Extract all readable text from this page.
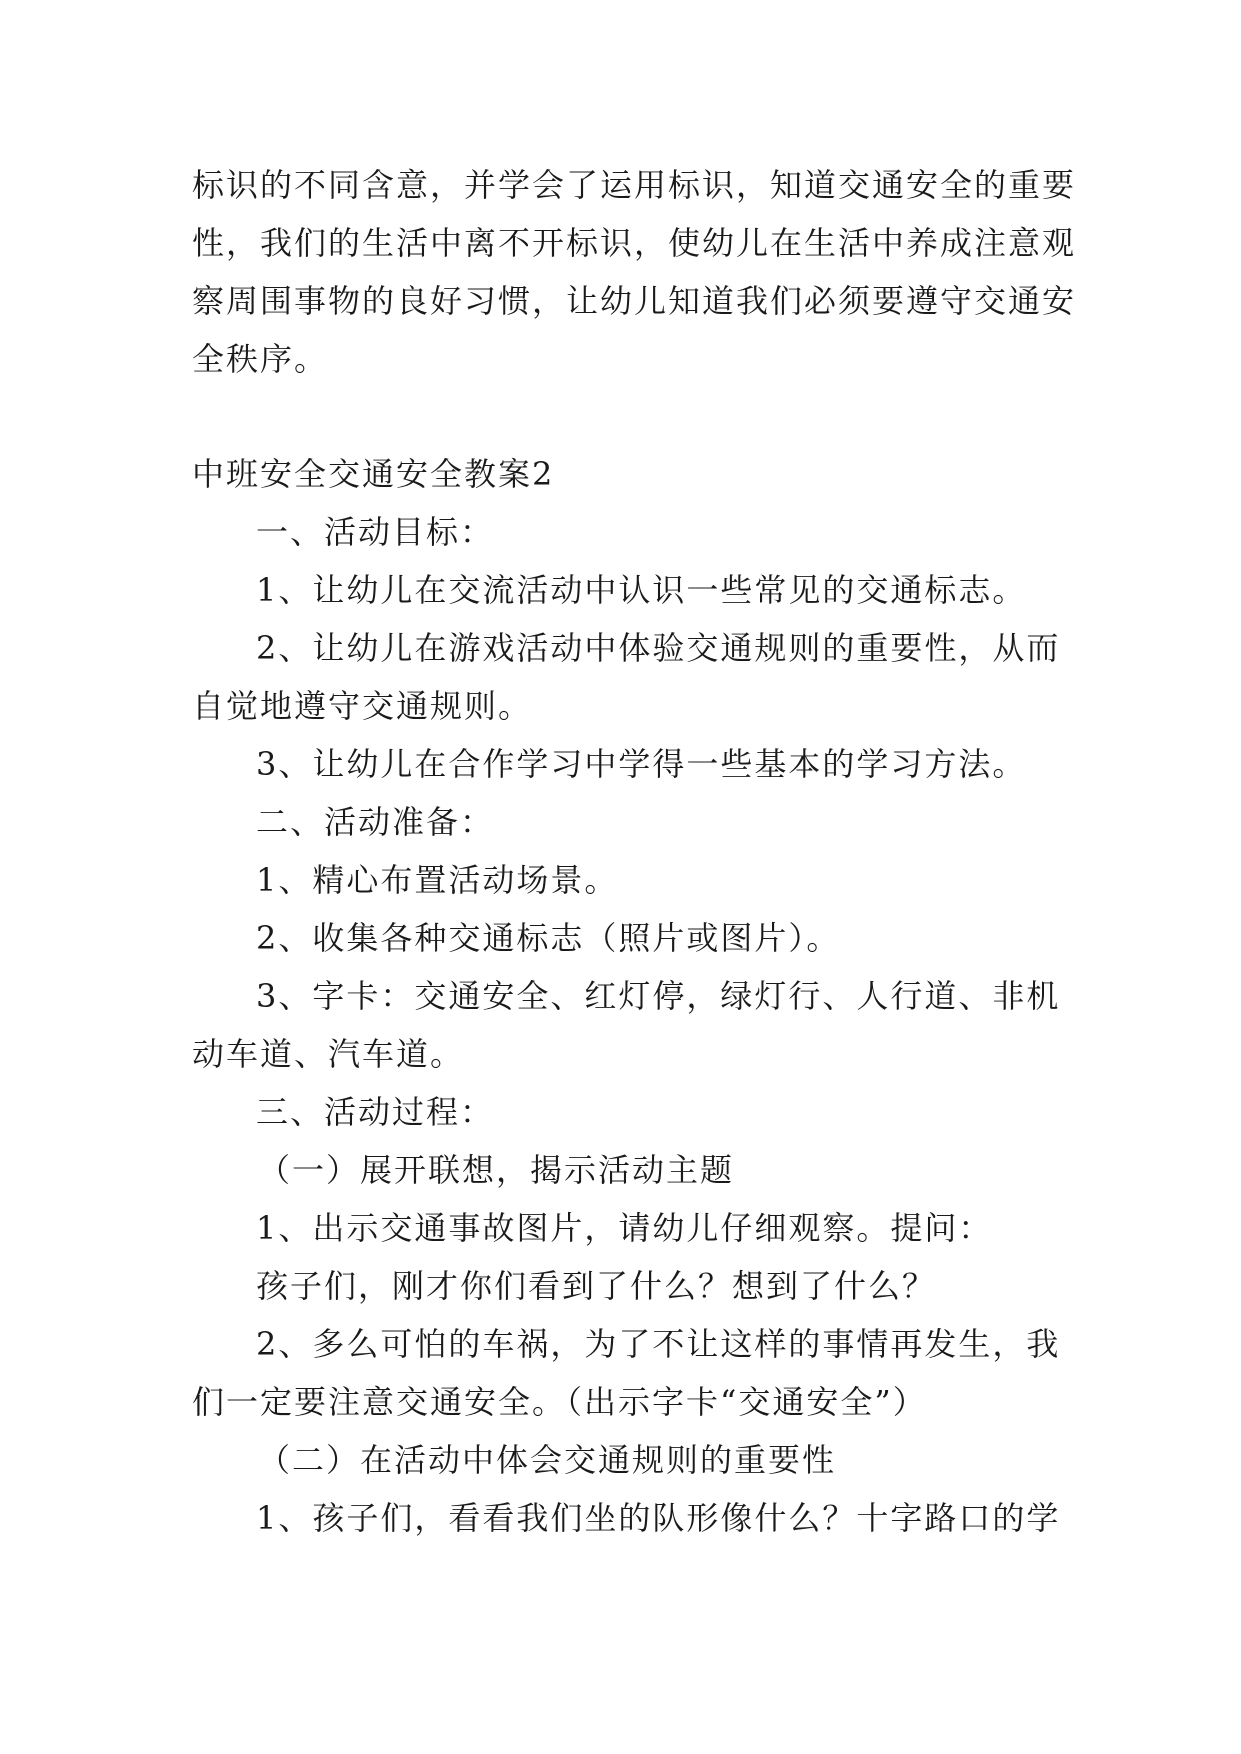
标识的不同含意，并学会了运用标识，知道交通安全的重要
性，我们的生活中离不开标识，使幼儿在生活中养成注意观
察周围事物的良好习惯，让幼儿知道我们必须要遵守交通安
全秩序。
中班安全交通安全教案2
一、活动目标：
1、让幼儿在交流活动中认识一些常见的交通标志。
2、让幼儿在游戏活动中体验交通规则的重要性，从而
自觉地遵守交通规则。
3、让幼儿在合作学习中学得一些基本的学习方法。
二、活动准备：
1、精心布置活动场景。
2、收集各种交通标志（照片或图片）。
3、字卡：交通安全、红灯停，绿灯行、人行道、非机
动车道、汽车道。
三、活动过程：
（一）展开联想，揭示活动主题
1、出示交通事故图片，请幼儿仔细观察。提问：
孩子们，刚才你们看到了什么？想到了什么？
2、多么可怕的车祸，为了不让这样的事情再发生，我
们一定要注意交通安全。（出示字卡“交通安全”）
（二）在活动中体会交通规则的重要性
1、孩子们，看看我们坐的队形像什么？十字路口的学
